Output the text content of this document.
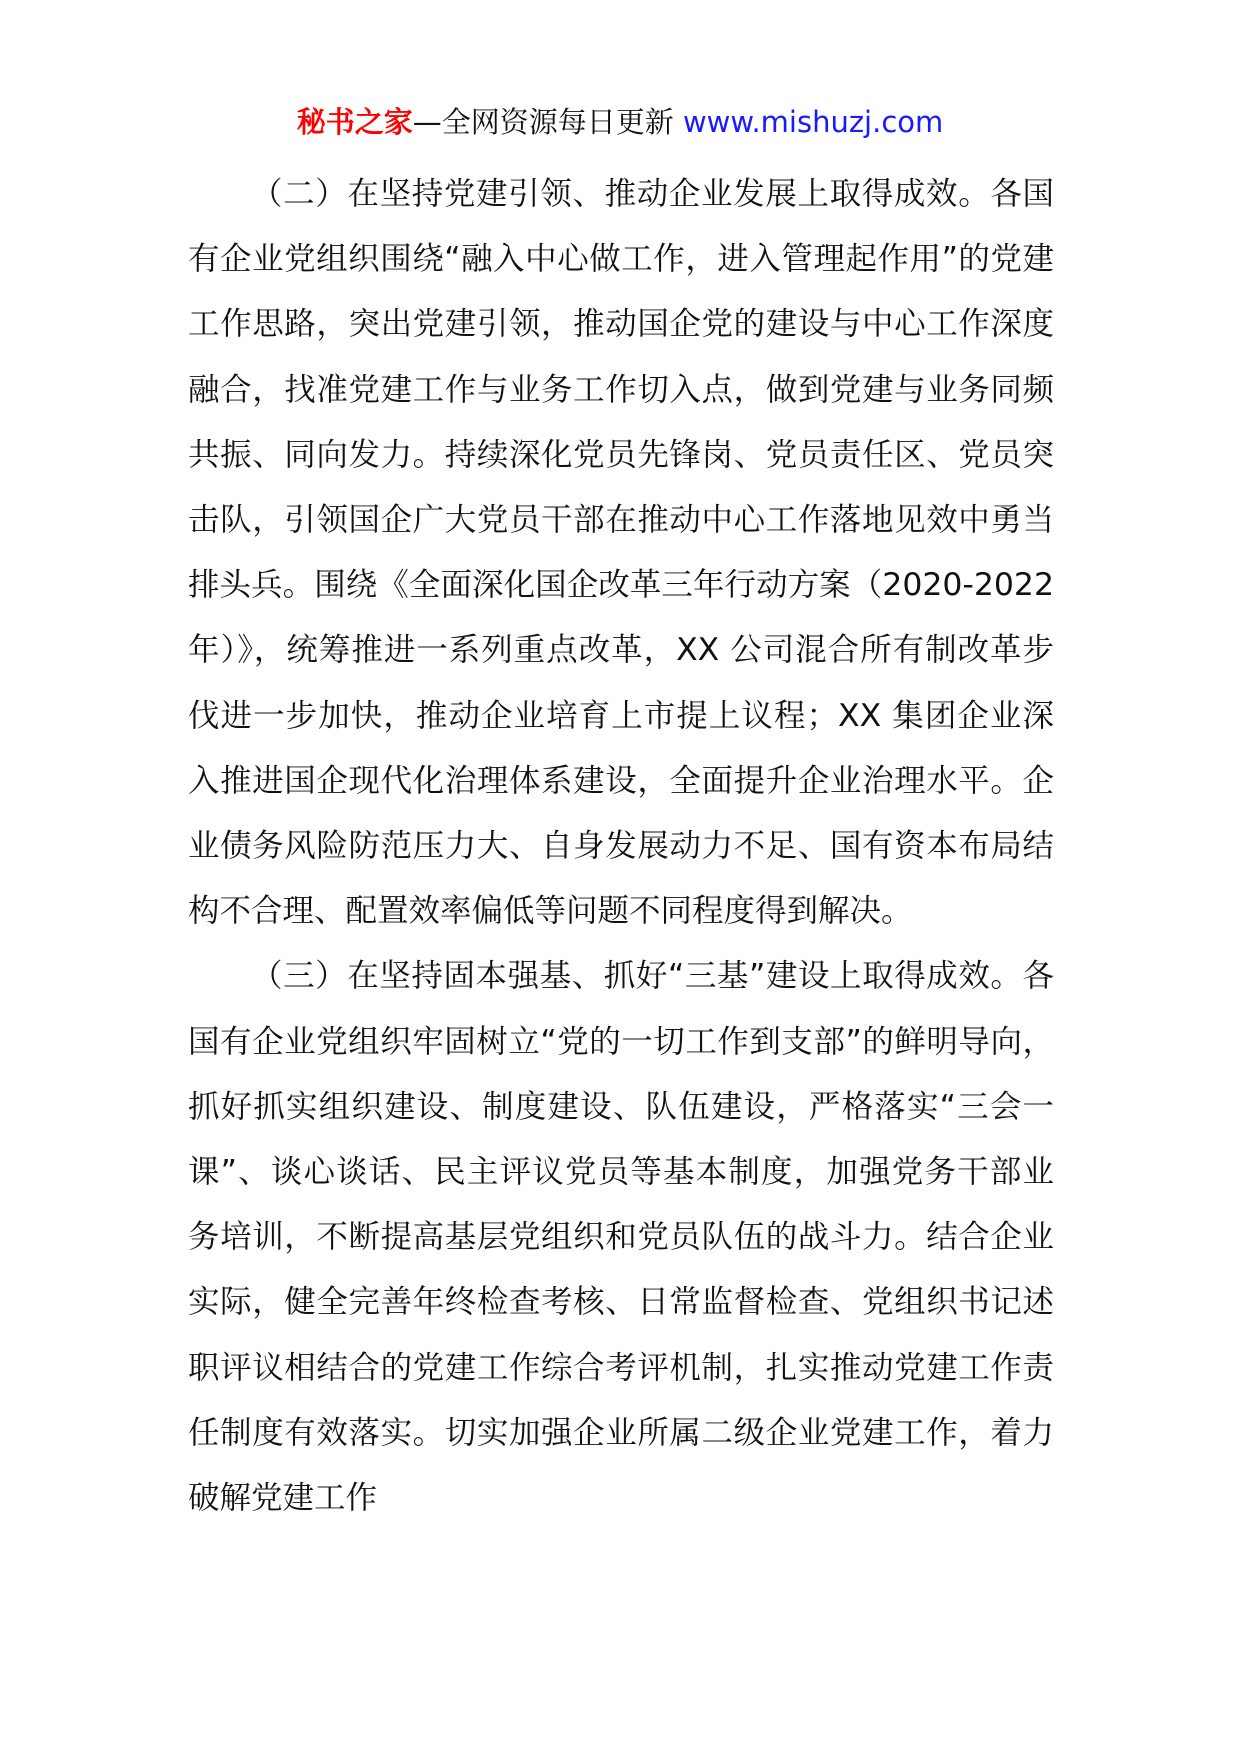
秘书之家—全网资源每日更新 www.mishuzj.com

（二）在坚持党建引领、推动企业发展上取得成效。各国有企业党组织围绕“融入中心做工作，进入管理起作用”的党建工作思路，突出党建引领，推动国企党的建设与中心工作深度融合，找准党建工作与业务工作切入点，做到党建与业务同频共振、同向发力。持续深化党员先锋岗、党员责任区、党员突击队，引领国企广大党员干部在推动中心工作落地见效中勇当排头兵。围绕《全面深化国企改革三年行动方案（2020-2022 年）》，统筹推进一系列重点改革，XX 公司混合所有制改革步伐进一步加快，推动企业培育上市提上议程；XX 集团企业深入推进国企现代化治理体系建设，全面提升企业治理水平。企业债务风险防范压力大、自身发展动力不足、国有资本布局结构不合理、配置效率偏低等问题不同程度得到解决。

（三）在坚持固本强基、抓好“三基”建设上取得成效。各国有企业党组织牢固树立“党的一切工作到支部”的鲜明导向，抓好抓实组织建设、制度建设、队伍建设，严格落实“三会一课”、谈心谈话、民主评议党员等基本制度，加强党务干部业务培训，不断提高基层党组织和党员队伍的战斗力。结合企业实际，健全完善年终检查考核、日常监督检查、党组织书记述职评议相结合的党建工作综合考评机制，扎实推动党建工作责任制度有效落实。切实加强企业所属二级企业党建工作，着力破解党建工作
